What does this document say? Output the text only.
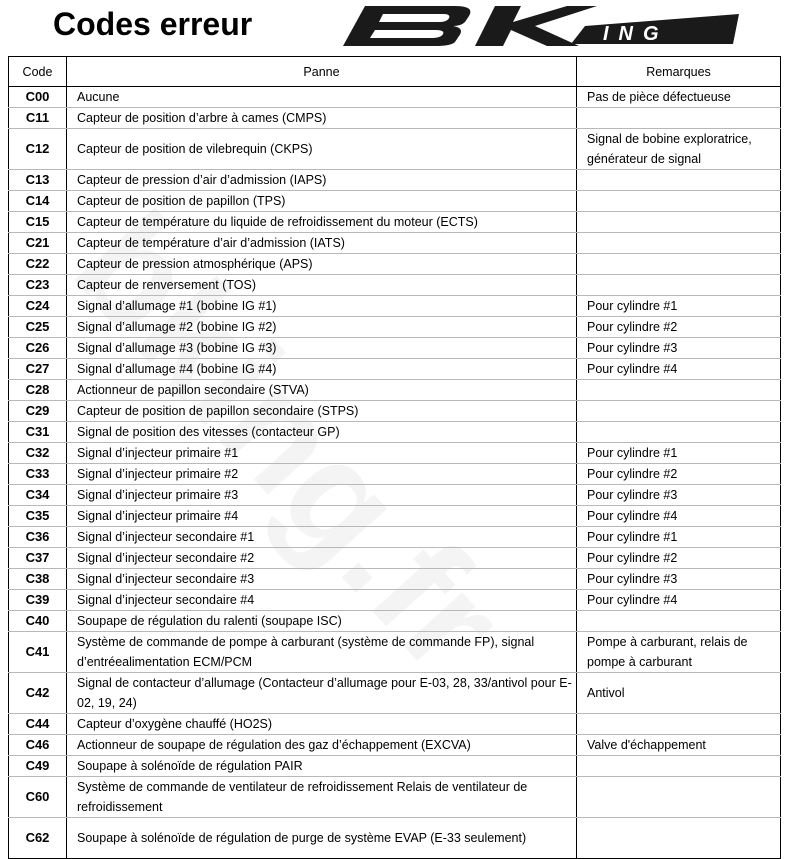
Codes erreur	ING
Code	Panne	Remarques
C00	Aucune	Pas de pièce défectueuse
C11	Capteur de position d’arbre à cames (CMPS)	
C12	Capteur de position de vilebrequin (CKPS)	Signal de bobine exploratrice, générateur de signal
C13	Capteur de pression d’air d’admission (IAPS)	
C14	Capteur de position de papillon (TPS)	
C15	Capteur de température du liquide de refroidissement du moteur (ECTS)	
C21	Capteur de température d’air d’admission (IATS)	
C22	Capteur de pression atmosphérique (APS)	
C23	Capteur de renversement (TOS)	
C24	Signal d’allumage #1 (bobine IG #1)	Pour cylindre #1
C25	Signal d’allumage #2 (bobine IG #2)	Pour cylindre #2
C26	Signal d’allumage #3 (bobine IG #3)	Pour cylindre #3
C27	Signal d’allumage #4 (bobine IG #4)	Pour cylindre #4
C28	Actionneur de papillon secondaire (STVA)	
C29	Capteur de position de papillon secondaire (STPS)	
C31	Signal de position des vitesses (contacteur GP)	
C32	Signal d’injecteur primaire #1	Pour cylindre #1
C33	Signal d’injecteur primaire #2	Pour cylindre #2
C34	Signal d’injecteur primaire #3	Pour cylindre #3
C35	Signal d’injecteur primaire #4	Pour cylindre #4
C36	Signal d’injecteur secondaire #1	Pour cylindre #1
C37	Signal d’injecteur secondaire #2	Pour cylindre #2
C38	Signal d’injecteur secondaire #3	Pour cylindre #3
C39	Signal d’injecteur secondaire #4	Pour cylindre #4
C40	Soupape de régulation du ralenti (soupape ISC)	
C41	Système de commande de pompe à carburant (système de commande FP), signal d’entréealimentation ECM/PCM	Pompe à carburant, relais de pompe à carburant
C42	Signal de contacteur d’allumage (Contacteur d’allumage pour E-03, 28, 33/antivol pour E-02, 19, 24)	Antivol
C44	Capteur d’oxygène chauffé (HO2S)	
C46	Actionneur de soupape de régulation des gaz d’échappement (EXCVA)	Valve d'échappement
C49	Soupape à solénoïde de régulation PAIR	
C60	Système de commande de ventilateur de refroidissement Relais de ventilateur de refroidissement	
C62	Soupape à solénoïde de régulation de purge de système EVAP (E-33 seulement)	
